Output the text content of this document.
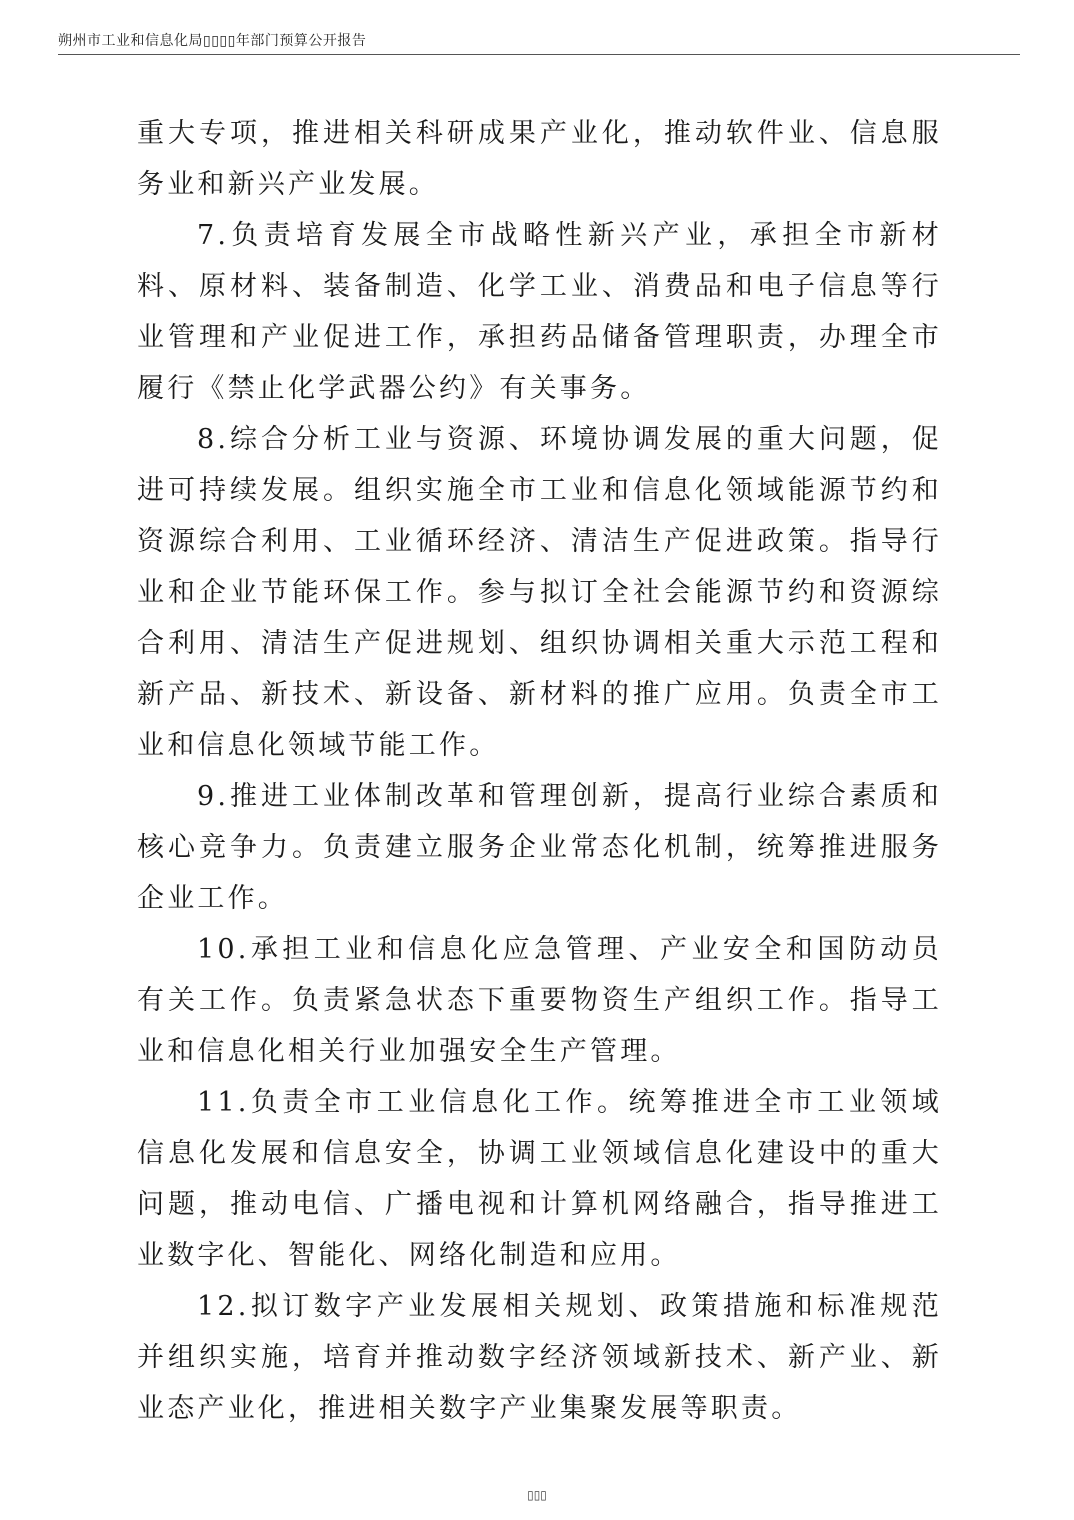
朔州市工业和信息化局▯▯▯▯年部门预算公开报告

重大专项，推进相关科研成果产业化，推动软件业、信息服务业和新兴产业发展。

7.负责培育发展全市战略性新兴产业，承担全市新材料、原材料、装备制造、化学工业、消费品和电子信息等行业管理和产业促进工作，承担药品储备管理职责，办理全市履行《禁止化学武器公约》有关事务。

8.综合分析工业与资源、环境协调发展的重大问题，促进可持续发展。组织实施全市工业和信息化领域能源节约和资源综合利用、工业循环经济、清洁生产促进政策。指导行业和企业节能环保工作。参与拟订全社会能源节约和资源综合利用、清洁生产促进规划、组织协调相关重大示范工程和新产品、新技术、新设备、新材料的推广应用。负责全市工业和信息化领域节能工作。

9.推进工业体制改革和管理创新，提高行业综合素质和核心竞争力。负责建立服务企业常态化机制，统筹推进服务企业工作。

10.承担工业和信息化应急管理、产业安全和国防动员有关工作。负责紧急状态下重要物资生产组织工作。指导工业和信息化相关行业加强安全生产管理。

11.负责全市工业信息化工作。统筹推进全市工业领域信息化发展和信息安全，协调工业领域信息化建设中的重大问题，推动电信、广播电视和计算机网络融合，指导推进工业数字化、智能化、网络化制造和应用。

12.拟订数字产业发展相关规划、政策措施和标准规范并组织实施，培育并推动数字经济领域新技术、新产业、新业态产业化，推进相关数字产业集聚发展等职责。

▯▯▯
